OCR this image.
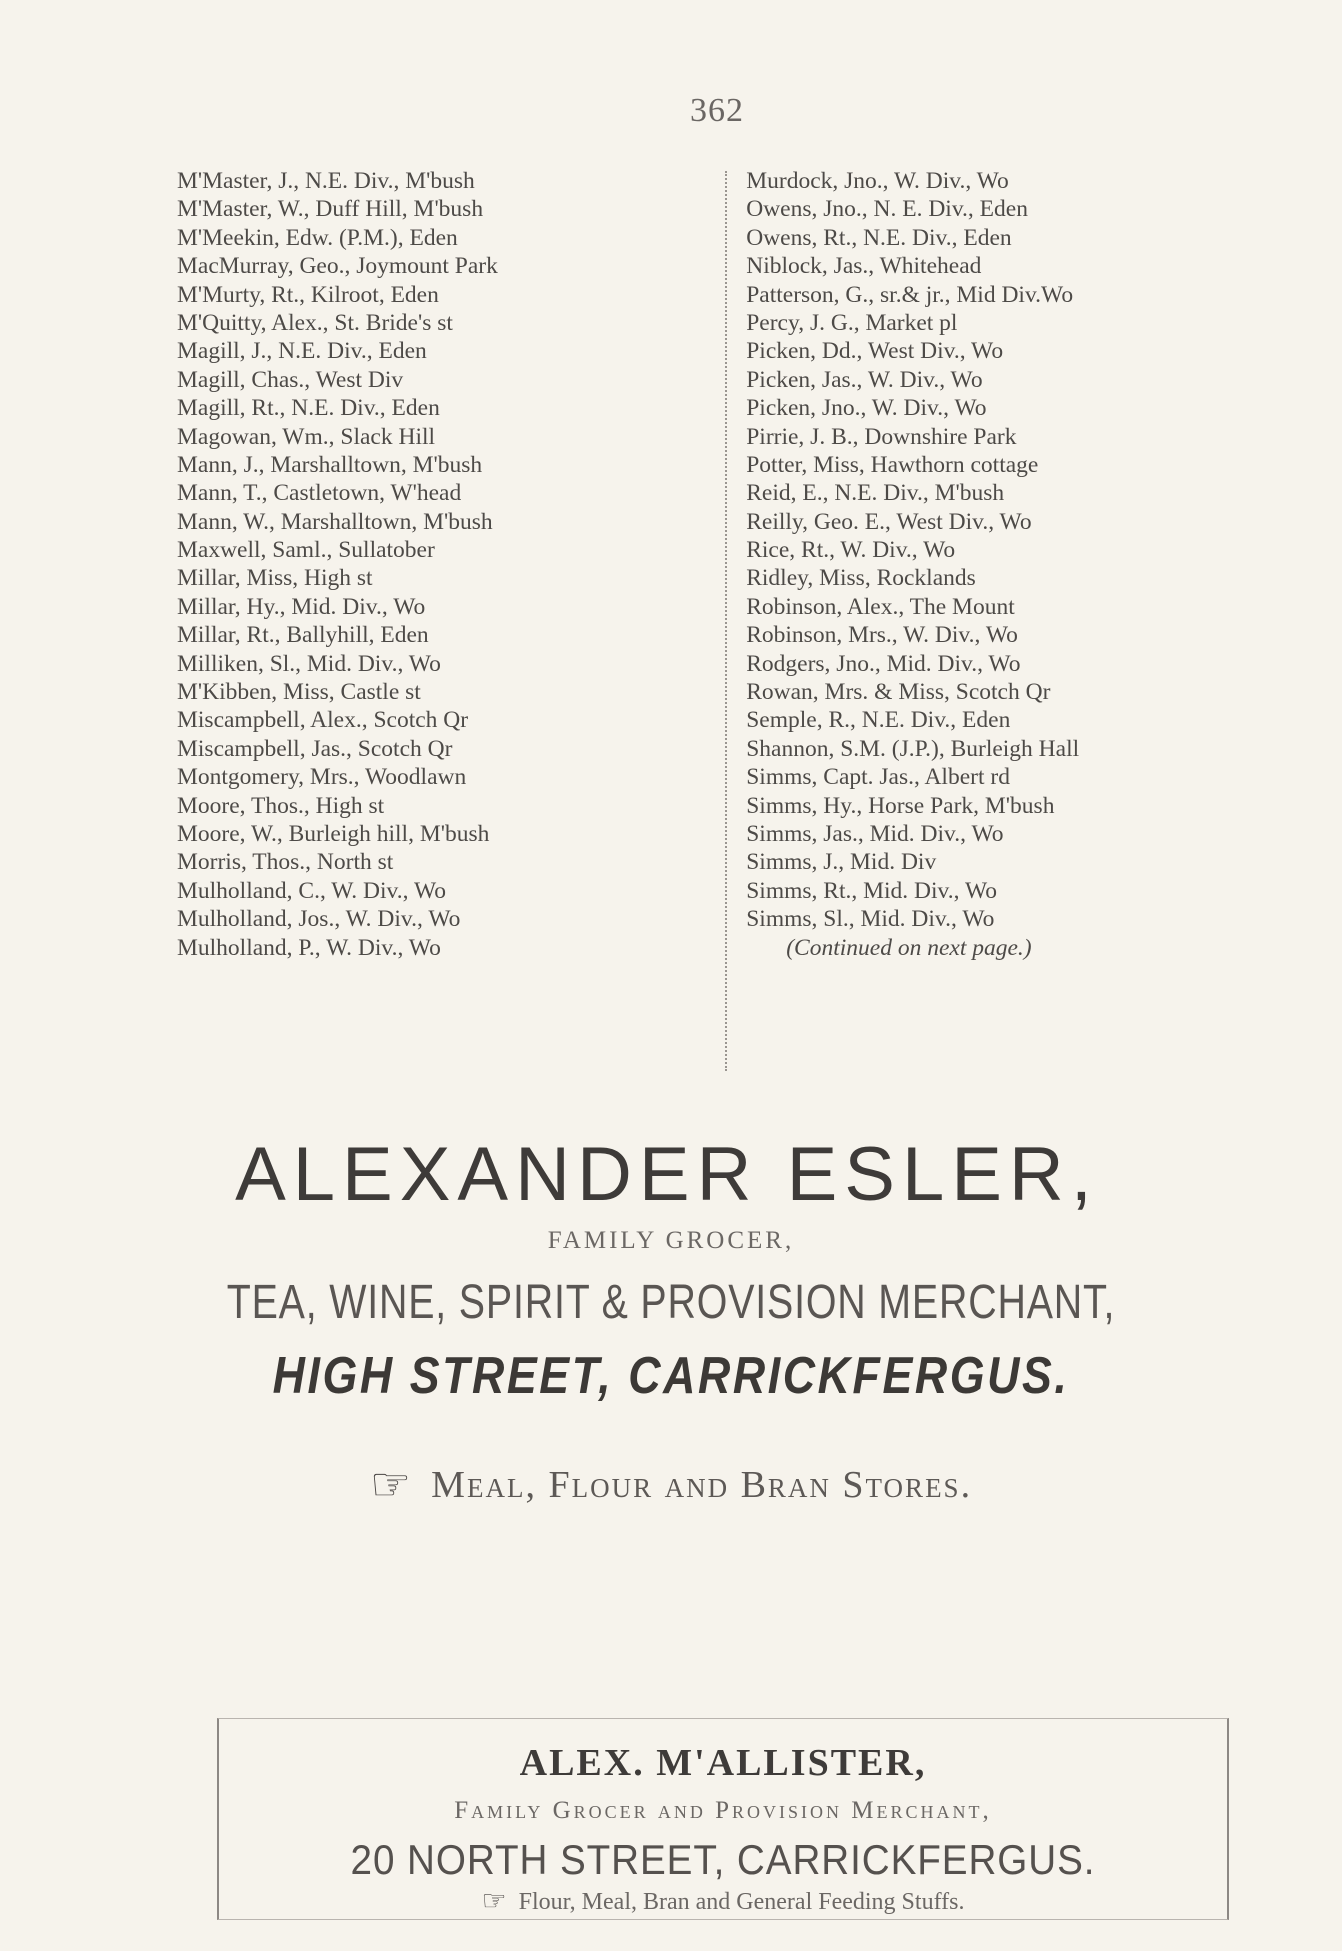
362
M'Master, J., N.E. Div., M'bush
M'Master, W., Duff Hill, M'bush
M'Meekin, Edw. (P.M.), Eden
MacMurray, Geo., Joymount Park
M'Murty, Rt., Kilroot, Eden
M'Quitty, Alex., St. Bride's st
Magill, J., N.E. Div., Eden
Magill, Chas., West Div
Magill, Rt., N.E. Div., Eden
Magowan, Wm., Slack Hill
Mann, J., Marshalltown, M'bush
Mann, T., Castletown, W'head
Mann, W., Marshalltown, M'bush
Maxwell, Saml., Sullatober
Millar, Miss, High st
Millar, Hy., Mid. Div., Wo
Millar, Rt., Ballyhill, Eden
Milliken, Sl., Mid. Div., Wo
M'Kibben, Miss, Castle st
Miscampbell, Alex., Scotch Qr
Miscampbell, Jas., Scotch Qr
Montgomery, Mrs., Woodlawn
Moore, Thos., High st
Moore, W., Burleigh hill, M'bush
Morris, Thos., North st
Mulholland, C., W. Div., Wo
Mulholland, Jos., W. Div., Wo
Mulholland, P., W. Div., Wo
Murdock, Jno., W. Div., Wo
Owens, Jno., N. E. Div., Eden
Owens, Rt., N.E. Div., Eden
Niblock, Jas., Whitehead
Patterson, G., sr.& jr., Mid Div.Wo
Percy, J. G., Market pl
Picken, Dd., West Div., Wo
Picken, Jas., W. Div., Wo
Picken, Jno., W. Div., Wo
Pirrie, J. B., Downshire Park
Potter, Miss, Hawthorn cottage
Reid, E., N.E. Div., M'bush
Reilly, Geo. E., West Div., Wo
Rice, Rt., W. Div., Wo
Ridley, Miss, Rocklands
Robinson, Alex., The Mount
Robinson, Mrs., W. Div., Wo
Rodgers, Jno., Mid. Div., Wo
Rowan, Mrs. & Miss, Scotch Qr
Semple, R., N.E. Div., Eden
Shannon, S.M. (J.P.), Burleigh Hall
Simms, Capt. Jas., Albert rd
Simms, Hy., Horse Park, M'bush
Simms, Jas., Mid. Div., Wo
Simms, J., Mid. Div
Simms, Rt., Mid. Div., Wo
Simms, Sl., Mid. Div., Wo
(Continued on next page.)
ALEXANDER ESLER,
FAMILY GROCER,
TEA, WINE, SPIRIT & PROVISION MERCHANT,
HIGH STREET, CARRICKFERGUS.
☞ Meal, Flour and Bran Stores.
ALEX. M'ALLISTER,
Family Grocer and Provision Merchant,
20 NORTH STREET, CARRICKFERGUS.
☞ Flour, Meal, Bran and General Feeding Stuffs.
